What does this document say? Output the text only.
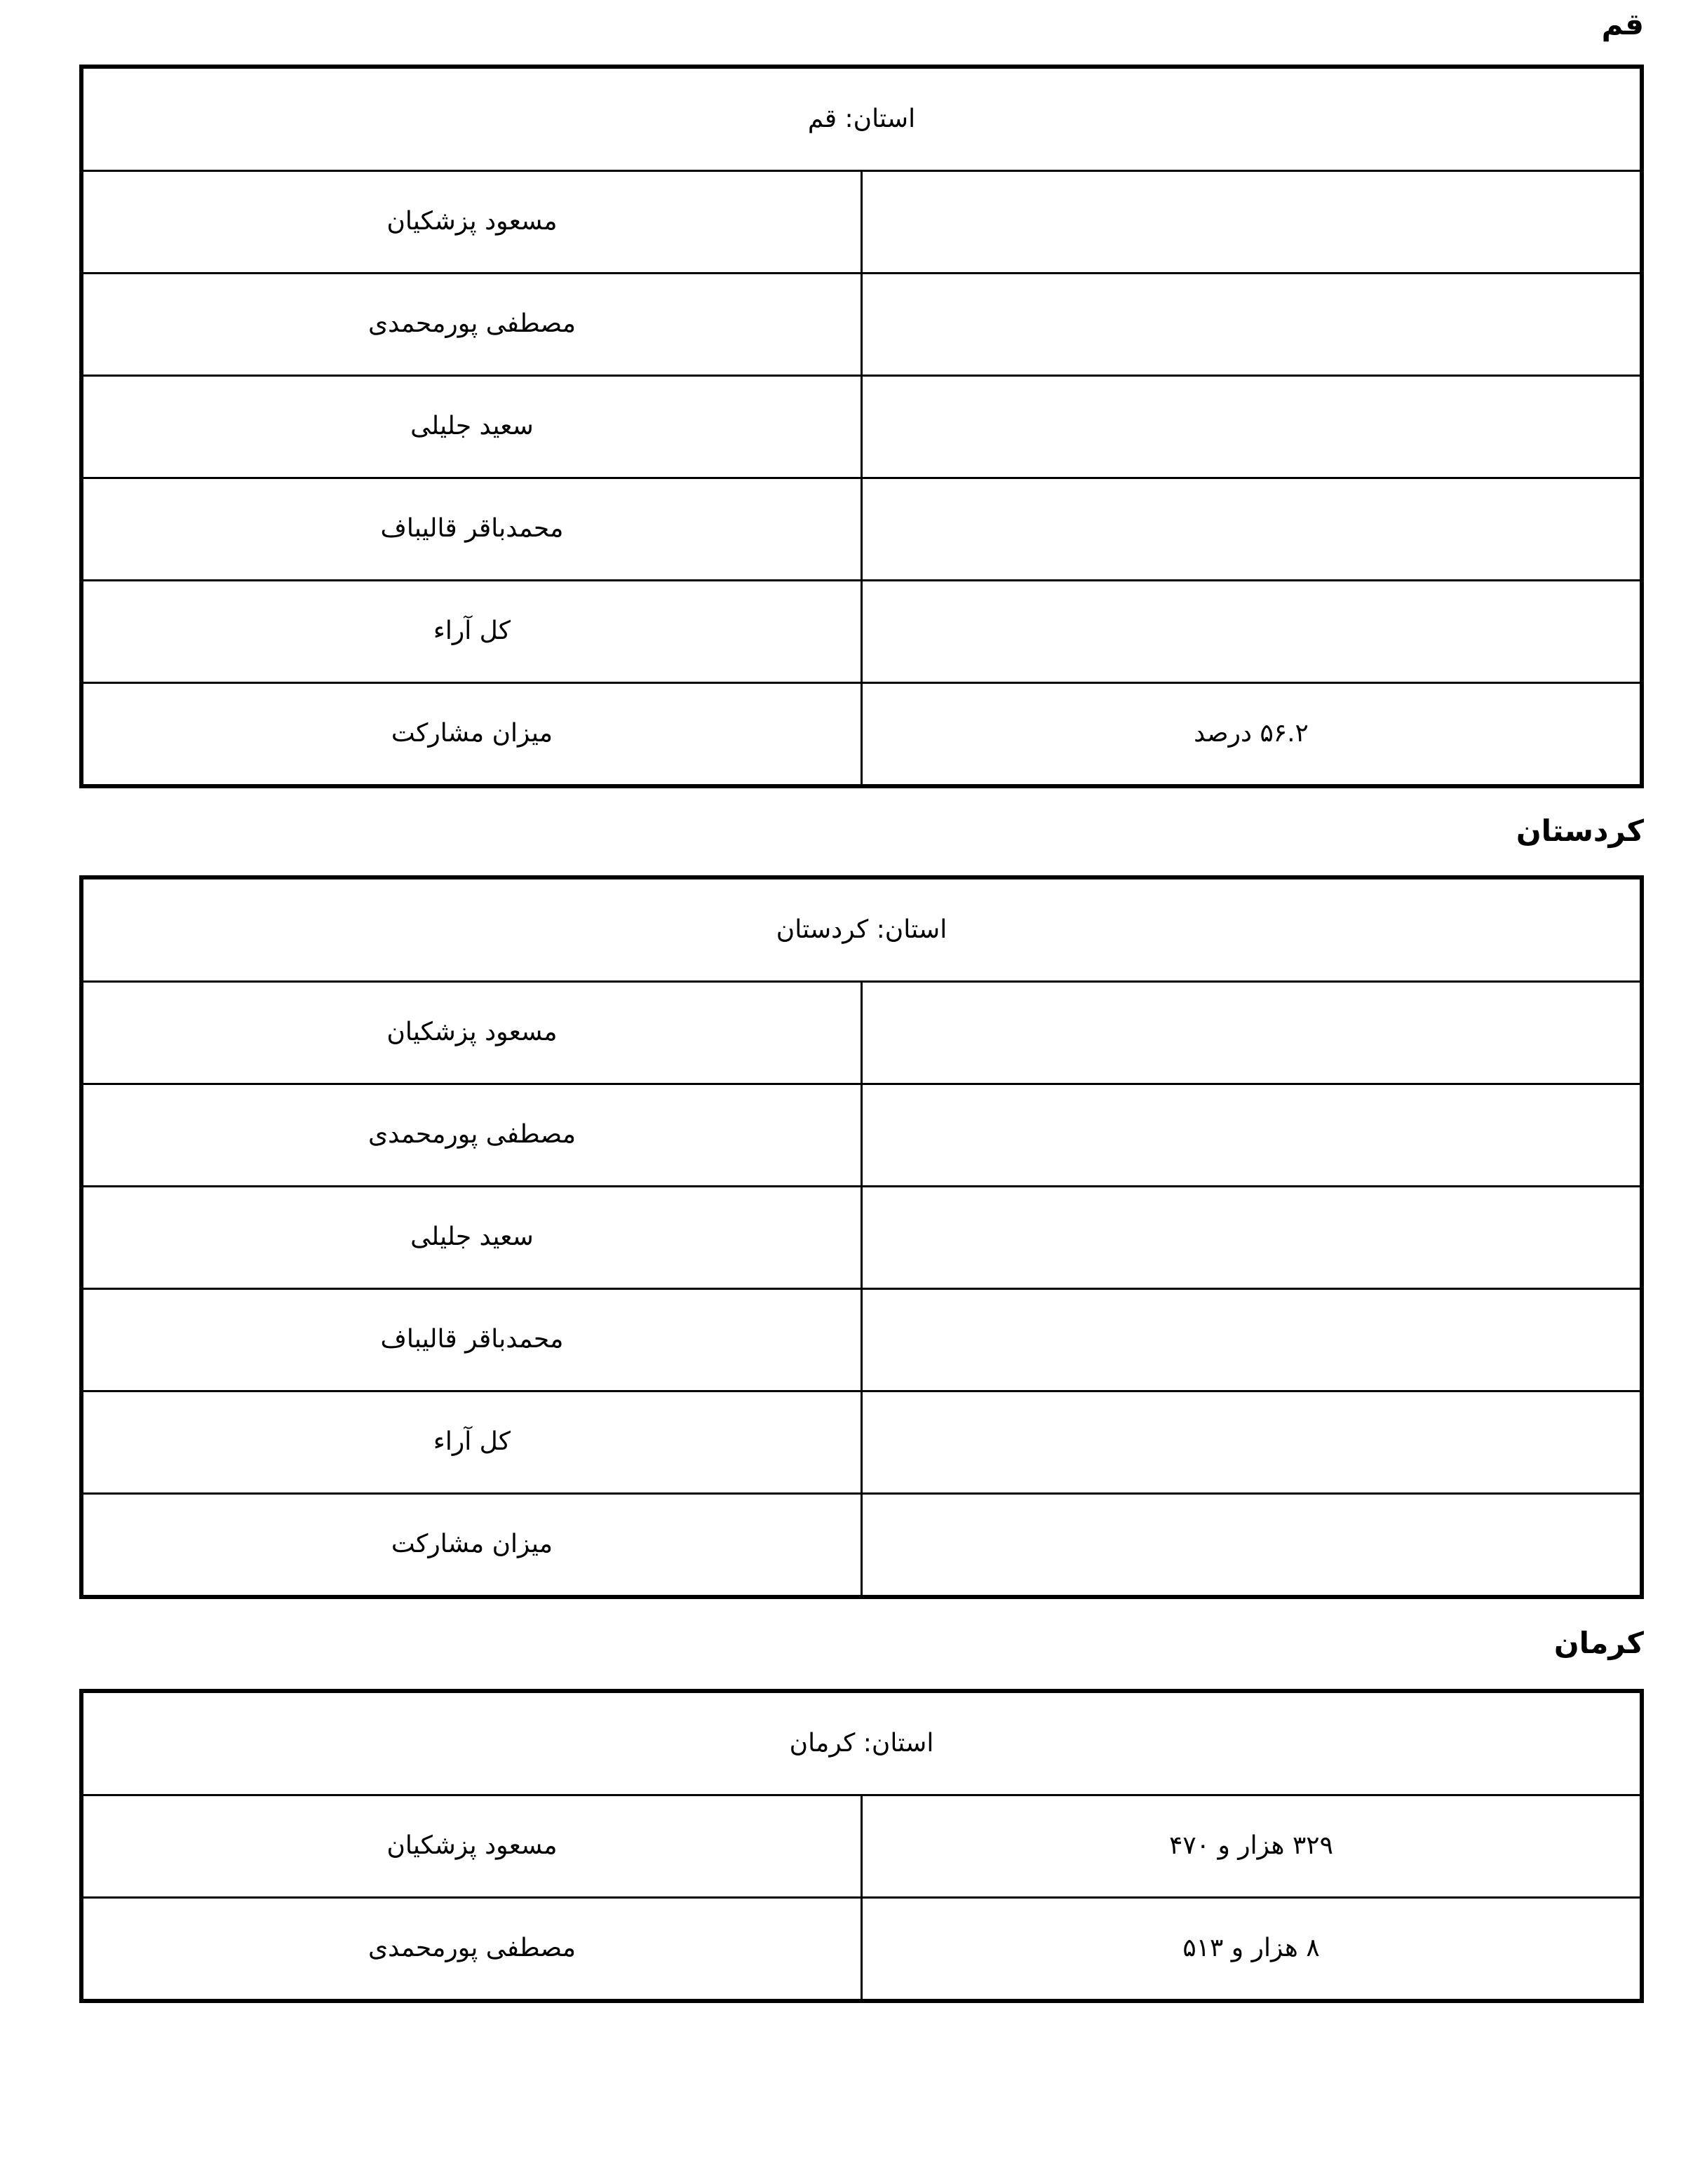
قم
استان: قم	
	مسعود پزشکیان
	مصطفی پورمحمدی
	سعید جلیلی
	محمدباقر قالیباف
	کل آراء
۵۶.۲ درصد	میزان مشارکت
کردستان
استان: کردستان	
	مسعود پزشکیان
	مصطفی پورمحمدی
	سعید جلیلی
	محمدباقر قالیباف
	کل آراء
	میزان مشارکت
کرمان
استان: کرمان	
۳۲۹ هزار و ۴۷۰	مسعود پزشکیان
۸ هزار و ۵۱۳	مصطفی پورمحمدی
